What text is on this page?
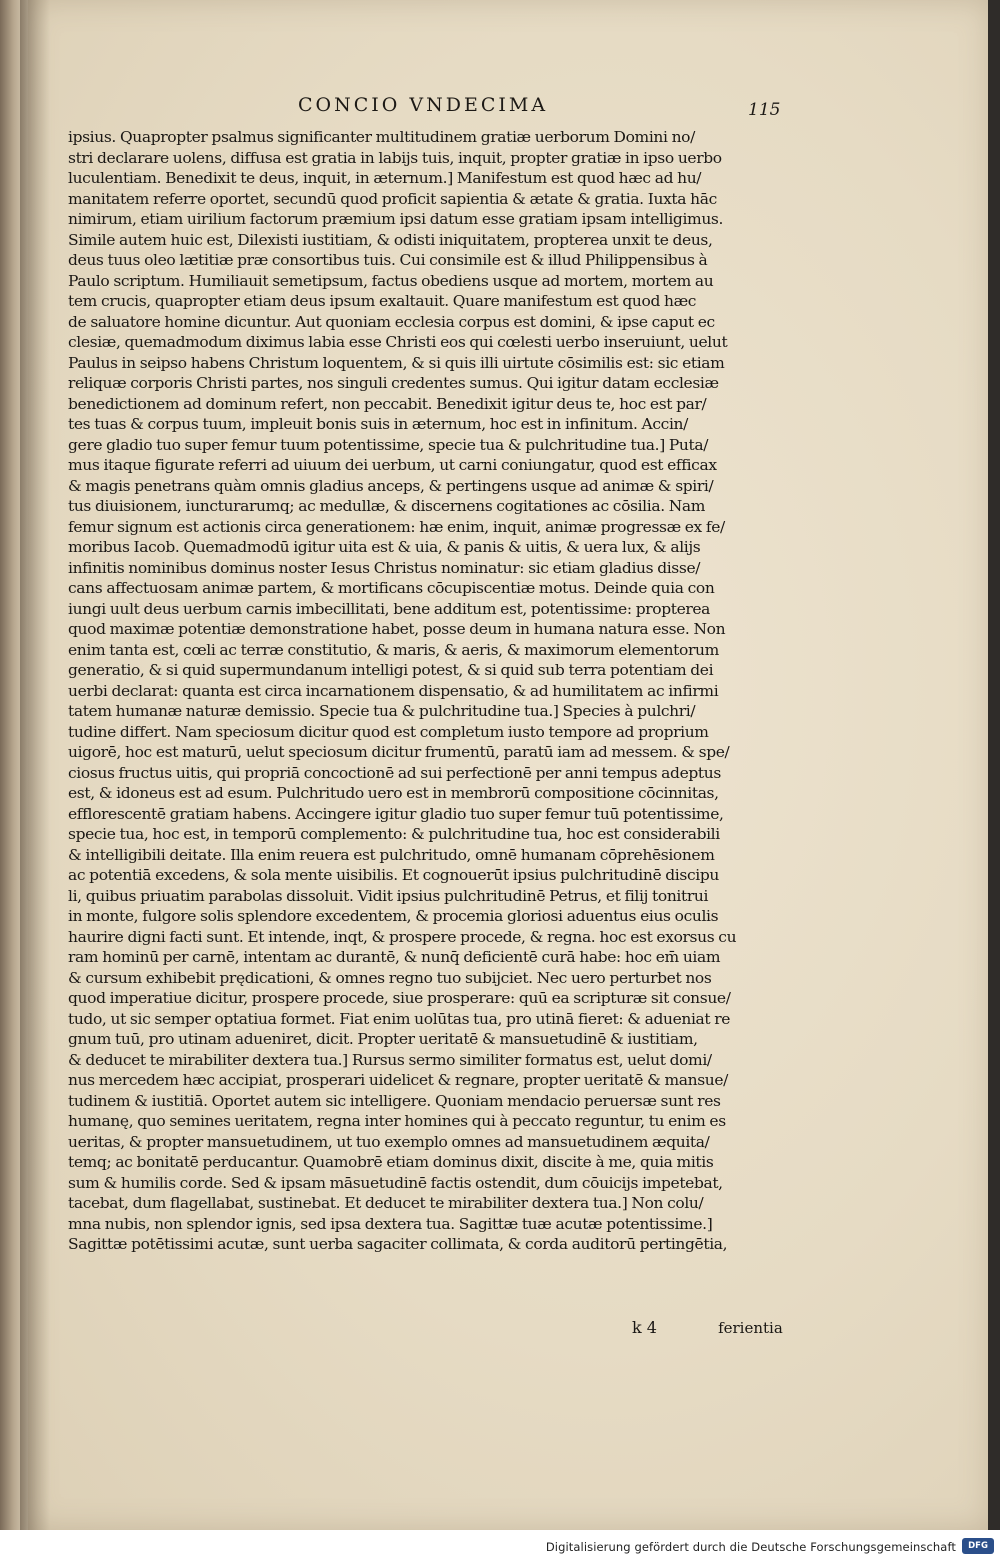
CONCIO VNDECIMA	115
ipsius. Quapropter psalmus significanter multitudinem gratiæ uerborum Domini no/
stri declarare uolens, diffusa est gratia in labijs tuis, inquit, propter gratiæ in ipso uerbo
luculentiam. Benedixit te deus, inquit, in æternum.] Manifestum est quod hæc ad hu/
manitatem referre oportet, secundū quod proficit sapientia & ætate & gratia. Iuxta hāc
nimirum, etiam uirilium factorum præmium ipsi datum esse gratiam ipsam intelligimus.
Simile autem huic est, Dilexisti iustitiam, & odisti iniquitatem, propterea unxit te deus,
deus tuus oleo lætitiæ præ consortibus tuis. Cui consimile est & illud Philippensibus à
Paulo scriptum. Humiliauit semetipsum, factus obediens usque ad mortem, mortem au
tem crucis, quapropter etiam deus ipsum exaltauit. Quare manifestum est quod hæc
de saluatore homine dicuntur. Aut quoniam ecclesia corpus est domini, & ipse caput ec
clesiæ, quemadmodum diximus labia esse Christi eos qui cœlesti uerbo inseruiunt, uelut
Paulus in seipso habens Christum loquentem, & si quis illi uirtute cōsimilis est: sic etiam
reliquæ corporis Christi partes, nos singuli credentes sumus. Qui igitur datam ecclesiæ
benedictionem ad dominum refert, non peccabit. Benedixit igitur deus te, hoc est par/
tes tuas & corpus tuum, impleuit bonis suis in æternum, hoc est in infinitum. Accin/
gere gladio tuo super femur tuum potentissime, specie tua & pulchritudine tua.] Puta/
mus itaque figurate referri ad uiuum dei uerbum, ut carni coniungatur, quod est efficax
& magis penetrans quàm omnis gladius anceps, & pertingens usque ad animæ & spiri/
tus diuisionem, iuncturarumq; ac medullæ, & discernens cogitationes ac cōsilia. Nam
femur signum est actionis circa generationem: hæ enim, inquit, animæ progressæ ex fe/
moribus Iacob. Quemadmodū igitur uita est & uia, & panis & uitis, & uera lux, & alijs
infinitis nominibus dominus noster Iesus Christus nominatur: sic etiam gladius disse/
cans affectuosam animæ partem, & mortificans cōcupiscentiæ motus. Deinde quia con
iungi uult deus uerbum carnis imbecillitati, bene additum est, potentissime: propterea
quod maximæ potentiæ demonstratione habet, posse deum in humana natura esse. Non
enim tanta est, cœli ac terræ constitutio, & maris, & aeris, & maximorum elementorum
generatio, & si quid supermundanum intelligi potest, & si quid sub terra potentiam dei
uerbi declarat: quanta est circa incarnationem dispensatio, & ad humilitatem ac infirmi
tatem humanæ naturæ demissio. Specie tua & pulchritudine tua.] Species à pulchri/
tudine differt. Nam speciosum dicitur quod est completum iusto tempore ad proprium
uigorē, hoc est maturū, uelut speciosum dicitur frumentū, paratū iam ad messem. & spe/
ciosus fructus uitis, qui propriā concoctionē ad sui perfectionē per anni tempus adeptus
est, & idoneus est ad esum. Pulchritudo uero est in membrorū compositione cōcinnitas,
efflorescentē gratiam habens. Accingere igitur gladio tuo super femur tuū potentissime,
specie tua, hoc est, in temporū complemento: & pulchritudine tua, hoc est considerabili
& intelligibili deitate. Illa enim reuera est pulchritudo, omnē humanam cōprehēsionem
ac potentiā excedens, & sola mente uisibilis. Et cognouerūt ipsius pulchritudinē discipu
li, quibus priuatim parabolas dissoluit. Vidit ipsius pulchritudinē Petrus, et filij tonitrui
in monte, fulgore solis splendore excedentem, & procemia gloriosi aduentus eius oculis
haurire digni facti sunt. Et intende, inqt, & prospere procede, & regna. hoc est exorsus cu
ram hominū per carnē, intentam ac durantē, & nunq̄ deficientē curā habe: hoc em̄ uiam
& cursum exhibebit prędicationi, & omnes regno tuo subijciet. Nec uero perturbet nos
quod imperatiue dicitur, prospere procede, siue prosperare: quū ea scripturæ sit consue/
tudo, ut sic semper optatiua formet. Fiat enim uolūtas tua, pro utinā fieret: & adueniat re
gnum tuū, pro utinam adueniret, dicit. Propter ueritatē & mansuetudinē & iustitiam,
& deducet te mirabiliter dextera tua.] Rursus sermo similiter formatus est, uelut domi/
nus mercedem hæc accipiat, prosperari uidelicet & regnare, propter ueritatē & mansue/
tudinem & iustitiā. Oportet autem sic intelligere. Quoniam mendacio peruersæ sunt res
humanę, quo semines ueritatem, regna inter homines qui à peccato reguntur, tu enim es
ueritas, & propter mansuetudinem, ut tuo exemplo omnes ad mansuetudinem æquita/
temq; ac bonitatē perducantur. Quamobrē etiam dominus dixit, discite à me, quia mitis
sum & humilis corde. Sed & ipsam māsuetudinē factis ostendit, dum cōuicijs impetebat,
tacebat, dum flagellabat, sustinebat. Et deducet te mirabiliter dextera tua.] Non colu/
mna nubis, non splendor ignis, sed ipsa dextera tua. Sagittæ tuæ acutæ potentissime.]
Sagittæ potētissimi acutæ, sunt uerba sagaciter collimata, & corda auditorū pertingētia,
k 4	ferientia
Digitalisierung gefördert durch die Deutsche Forschungsgemeinschaft	DFG
